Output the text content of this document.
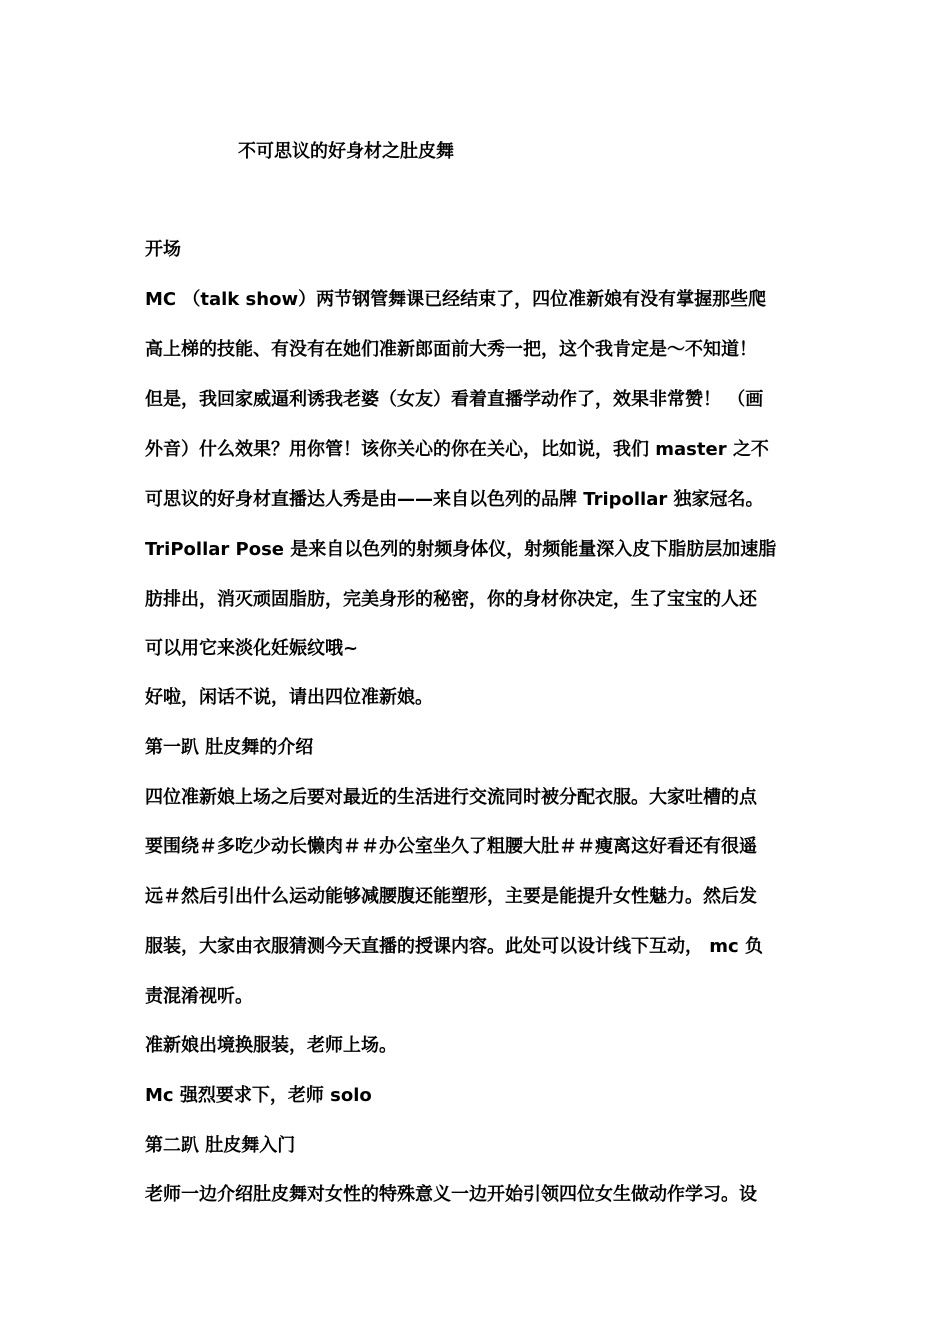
不可思议的好身材之肚皮舞
开场
MC （talk show）两节钢管舞课已经结束了，四位准新娘有没有掌握那些爬
高上梯的技能、有没有在她们准新郎面前大秀一把，这个我肯定是～不知道！
但是，我回家威逼利诱我老婆（女友）看着直播学动作了，效果非常赞！ （画
外音）什么效果？用你管！该你关心的你在关心，比如说，我们 master 之不
可思议的好身材直播达人秀是由——来自以色列的品牌 Tripollar 独家冠名。
TriPollar Pose 是来自以色列的射频身体仪，射频能量深入皮下脂肪层加速脂
肪排出，消灭顽固脂肪，完美身形的秘密，你的身材你决定，生了宝宝的人还
可以用它来淡化妊娠纹哦~
好啦，闲话不说，请出四位准新娘。
第一趴 肚皮舞的介绍
四位准新娘上场之后要对最近的生活进行交流同时被分配衣服。大家吐槽的点
要围绕＃多吃少动长懒肉＃＃办公室坐久了粗腰大肚＃＃瘦离这好看还有很遥
远＃然后引出什么运动能够减腰腹还能塑形，主要是能提升女性魅力。然后发
服装，大家由衣服猜测今天直播的授课内容。此处可以设计线下互动， mc 负
责混淆视听。
准新娘出境换服装，老师上场。
Mc 强烈要求下，老师 solo
第二趴 肚皮舞入门
老师一边介绍肚皮舞对女性的特殊意义一边开始引领四位女生做动作学习。设
